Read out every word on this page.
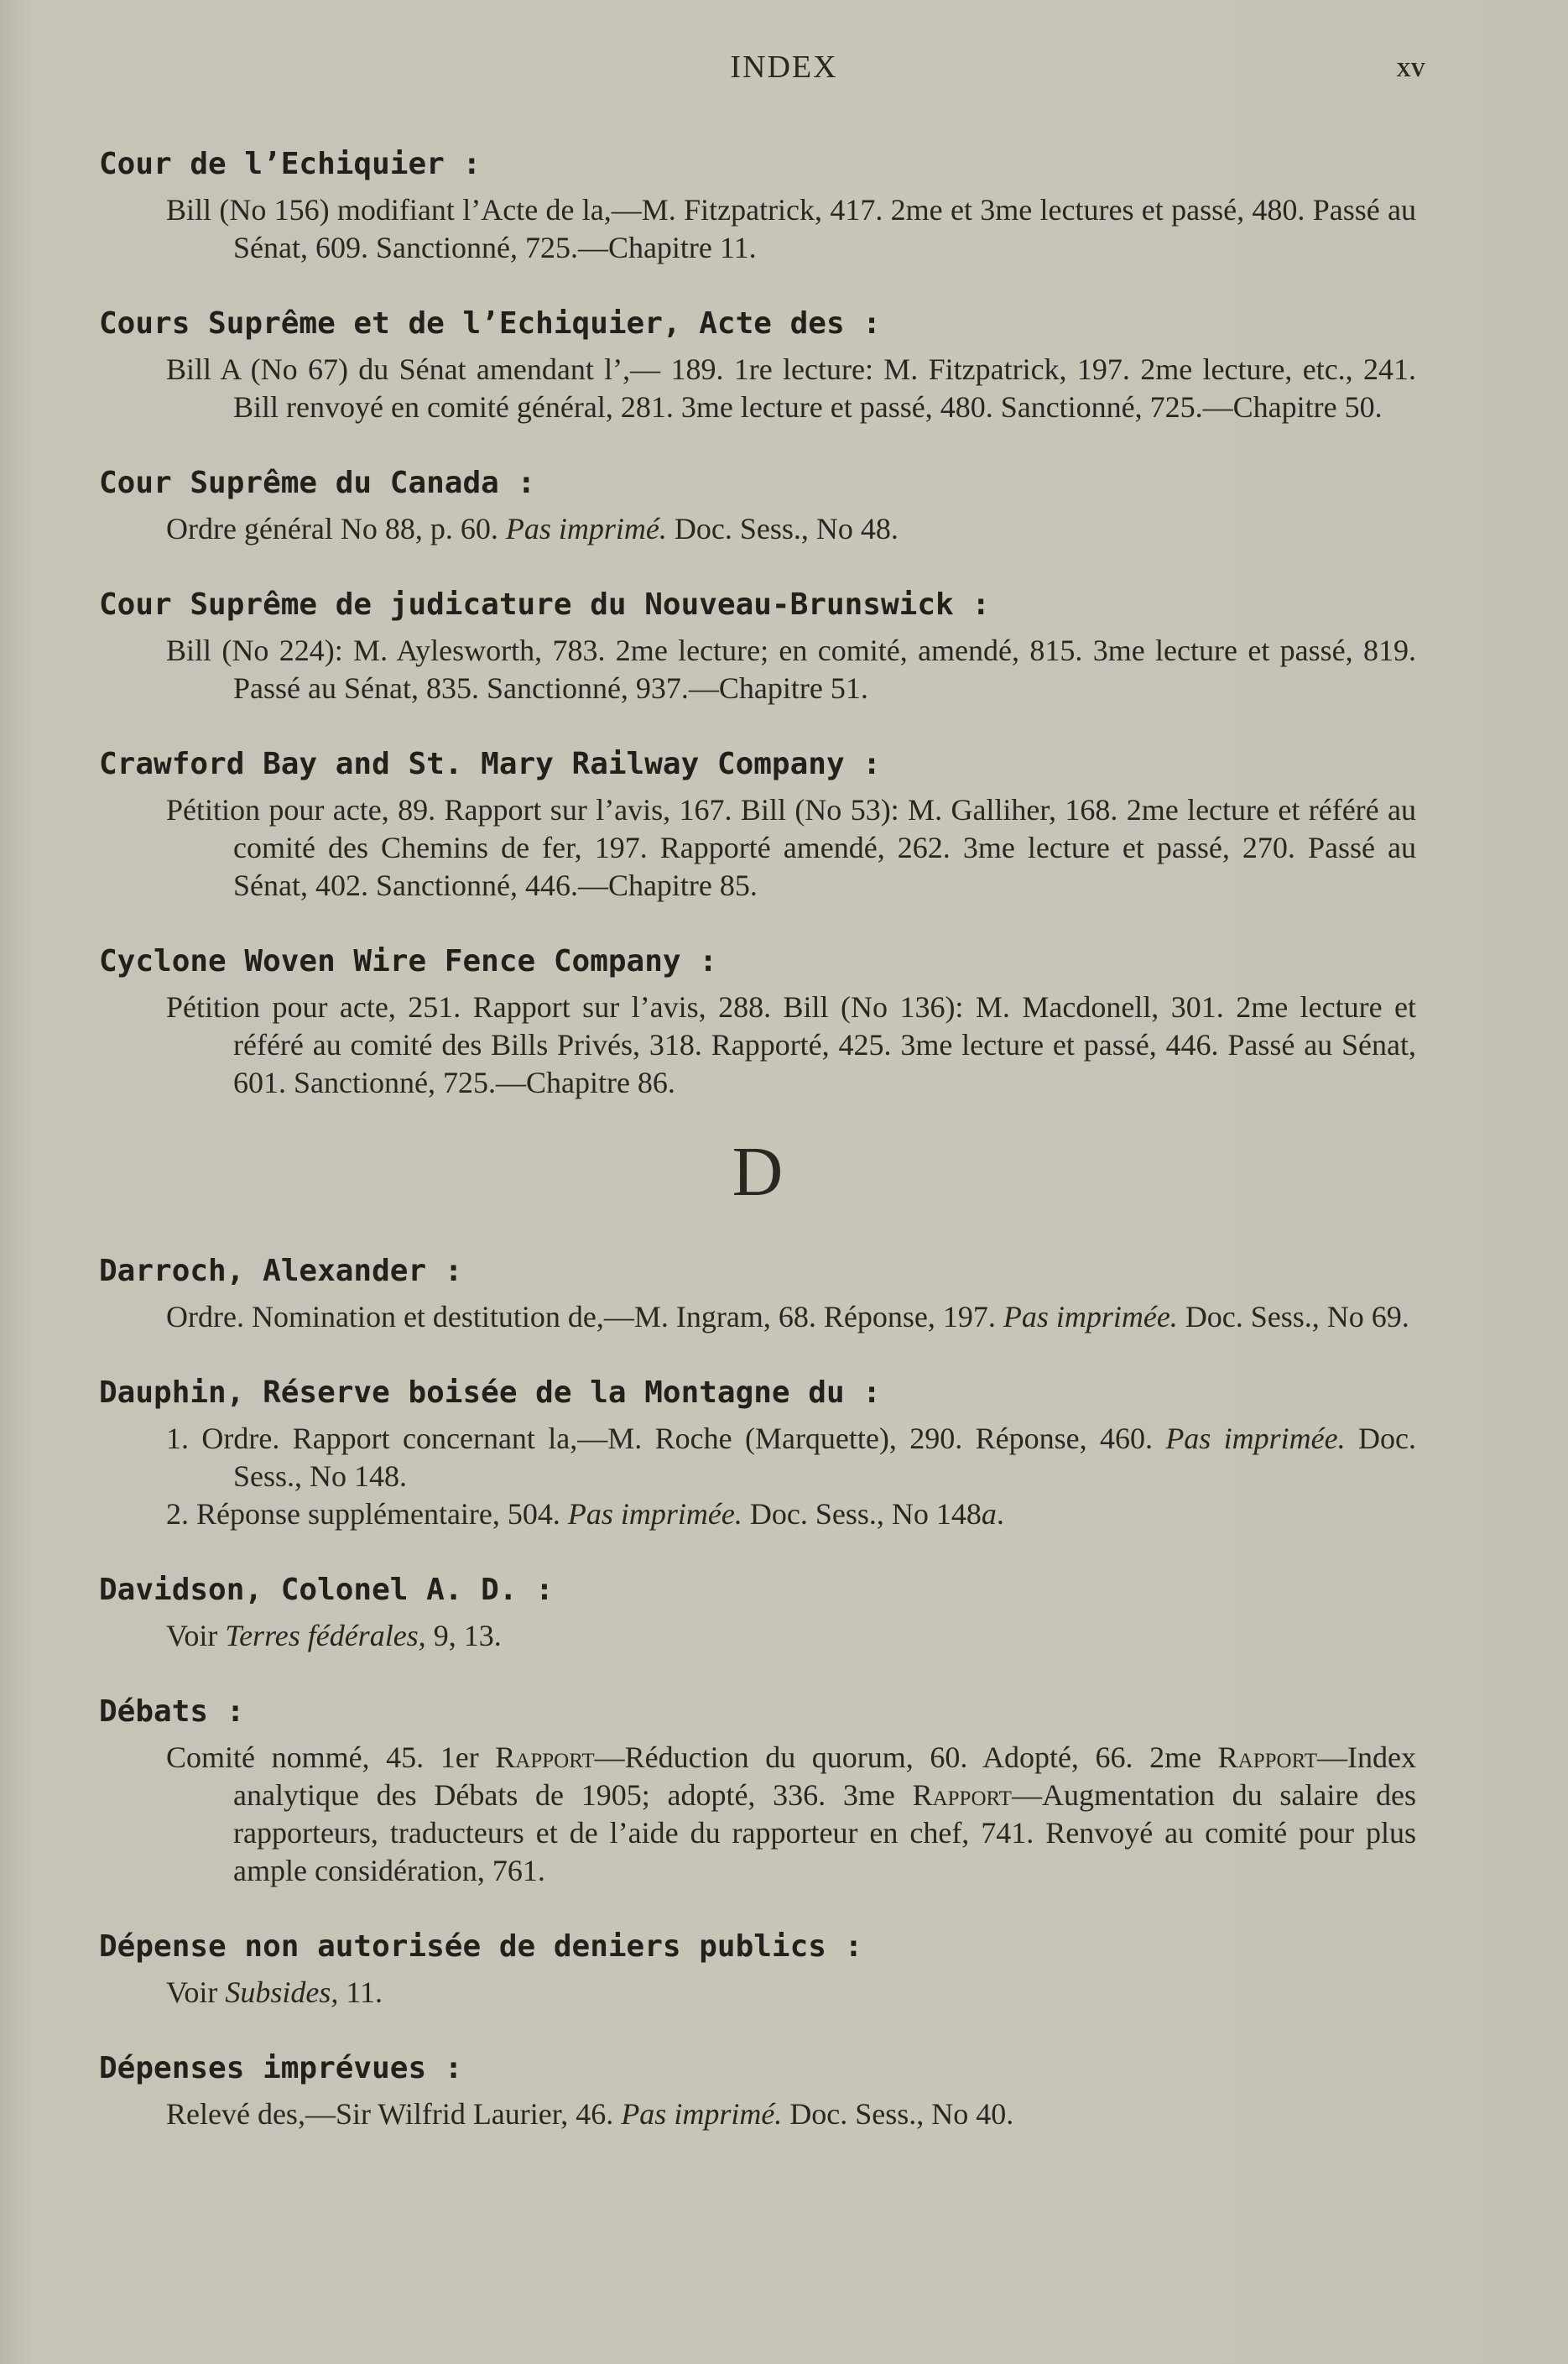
INDEX	xv
Cour de l’Echiquier :
Bill (No 156) modifiant l’Acte de la,—M. Fitzpatrick, 417. 2me et 3me lectures et passé, 480. Passé au Sénat, 609. Sanctionné, 725.—Chapitre 11.
Cours Suprême et de l’Echiquier, Acte des :
Bill A (No 67) du Sénat amendant l’,— 189. 1re lecture: M. Fitzpatrick, 197. 2me lecture, etc., 241. Bill renvoyé en comité général, 281. 3me lecture et passé, 480. Sanctionné, 725.—Chapitre 50.
Cour Suprême du Canada :
Ordre général No 88, p. 60. Pas imprimé. Doc. Sess., No 48.
Cour Suprême de judicature du Nouveau-Brunswick :
Bill (No 224): M. Aylesworth, 783. 2me lecture; en comité, amendé, 815. 3me lecture et passé, 819. Passé au Sénat, 835. Sanctionné, 937.—Chapitre 51.
Crawford Bay and St. Mary Railway Company :
Pétition pour acte, 89. Rapport sur l’avis, 167. Bill (No 53): M. Galliher, 168. 2me lecture et référé au comité des Chemins de fer, 197. Rapporté amendé, 262. 3me lecture et passé, 270. Passé au Sénat, 402. Sanctionné, 446.—Chapitre 85.
Cyclone Woven Wire Fence Company :
Pétition pour acte, 251. Rapport sur l’avis, 288. Bill (No 136): M. Macdonell, 301. 2me lecture et référé au comité des Bills Privés, 318. Rapporté, 425. 3me lecture et passé, 446. Passé au Sénat, 601. Sanctionné, 725.—Chapitre 86.
D
Darroch, Alexander :
Ordre. Nomination et destitution de,—M. Ingram, 68. Réponse, 197. Pas imprimée. Doc. Sess., No 69.
Dauphin, Réserve boisée de la Montagne du :
1. Ordre. Rapport concernant la,—M. Roche (Marquette), 290. Réponse, 460. Pas imprimée. Doc. Sess., No 148.
2. Réponse supplémentaire, 504. Pas imprimée. Doc. Sess., No 148a.
Davidson, Colonel A. D. :
Voir Terres fédérales, 9, 13.
Débats :
Comité nommé, 45. 1er Rapport—Réduction du quorum, 60. Adopté, 66. 2me Rapport—Index analytique des Débats de 1905; adopté, 336. 3me Rapport—Augmentation du salaire des rapporteurs, traducteurs et de l’aide du rapporteur en chef, 741. Renvoyé au comité pour plus ample considération, 761.
Dépense non autorisée de deniers publics :
Voir Subsides, 11.
Dépenses imprévues :
Relevé des,—Sir Wilfrid Laurier, 46. Pas imprimé. Doc. Sess., No 40.
